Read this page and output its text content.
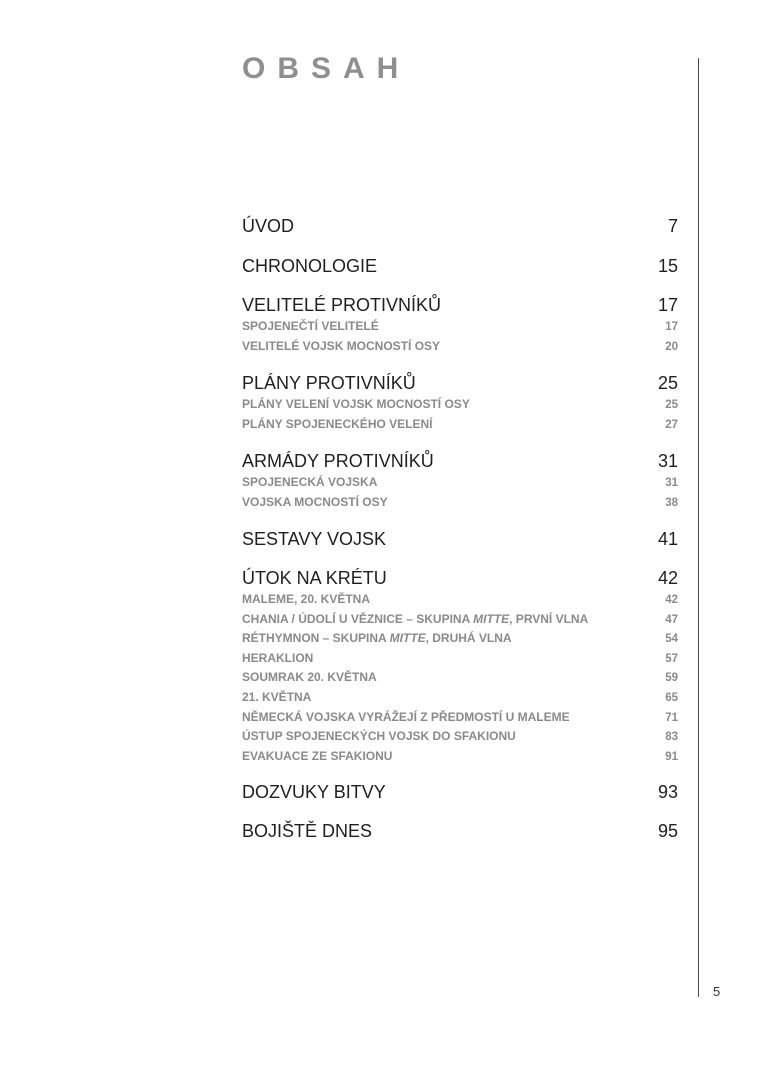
OBSAH
5
ÚVOD	7
CHRONOLOGIE	15
VELITELÉ PROTIVNÍKŮ	17
SPOJENEČTÍ VELITELÉ	17
VELITELÉ VOJSK MOCNOSTÍ OSY	20
PLÁNY PROTIVNÍKŮ	25
PLÁNY VELENÍ VOJSK MOCNOSTÍ OSY	25
PLÁNY SPOJENECKÉHO VELENÍ	27
ARMÁDY PROTIVNÍKŮ	31
SPOJENECKÁ VOJSKA	31
VOJSKA MOCNOSTÍ OSY	38
SESTAVY VOJSK	41
ÚTOK NA KRÉTU	42
MALEME, 20. KVĚTNA	42
CHANIA / ÚDOLÍ U VĚZNICE – SKUPINA MITTE, PRVNÍ VLNA	47
RÉTHYMNON – SKUPINA MITTE, DRUHÁ VLNA	54
HERAKLION	57
SOUMRAK 20. KVĚTNA	59
21. KVĚTNA	65
NĚMECKÁ VOJSKA VYRÁŽEJÍ Z PŘEDMOSTÍ U MALEME	71
ÚSTUP SPOJENECKÝCH VOJSK DO SFAKIONU	83
EVAKUACE ZE SFAKIONU	91
DOZVUKY BITVY	93
BOJIŠTĚ DNES	95
